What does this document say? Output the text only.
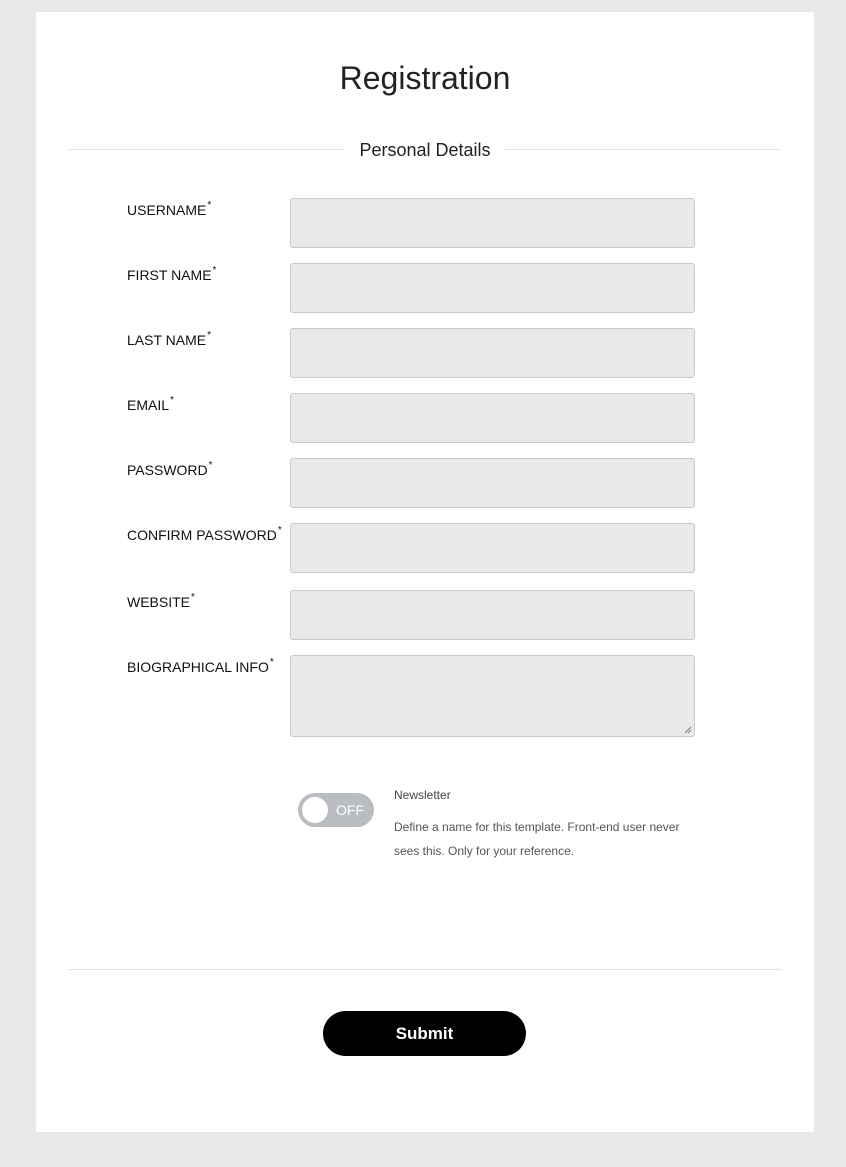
Registration
Personal Details
USERNAME*
FIRST NAME*
LAST NAME*
EMAIL*
PASSWORD*
CONFIRM PASSWORD*
WEBSITE*
BIOGRAPHICAL INFO*
OFF
Newsletter
Define a name for this template. Front-end user never sees this. Only for your reference.
Submit
